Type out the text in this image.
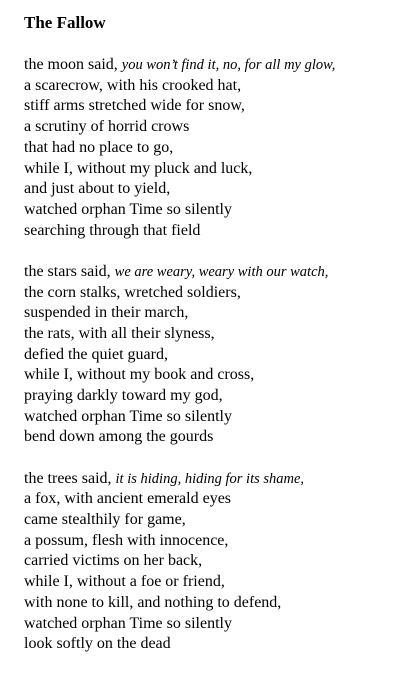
The Fallow
the moon said, you won’t find it, no, for all my glow,
a scarecrow, with his crooked hat,
stiff arms stretched wide for snow,
a scrutiny of horrid crows
that had no place to go,
while I, without my pluck and luck,
and just about to yield,
watched orphan Time so silently
searching through that field
the stars said, we are weary, weary with our watch,
the corn stalks, wretched soldiers,
suspended in their march,
the rats, with all their slyness,
defied the quiet guard,
while I, without my book and cross,
praying darkly toward my god,
watched orphan Time so silently
bend down among the gourds
the trees said, it is hiding, hiding for its shame,
a fox, with ancient emerald eyes
came stealthily for game,
a possum, flesh with innocence,
carried victims on her back,
while I, without a foe or friend,
with none to kill, and nothing to defend,
watched orphan Time so silently
look softly on the dead
